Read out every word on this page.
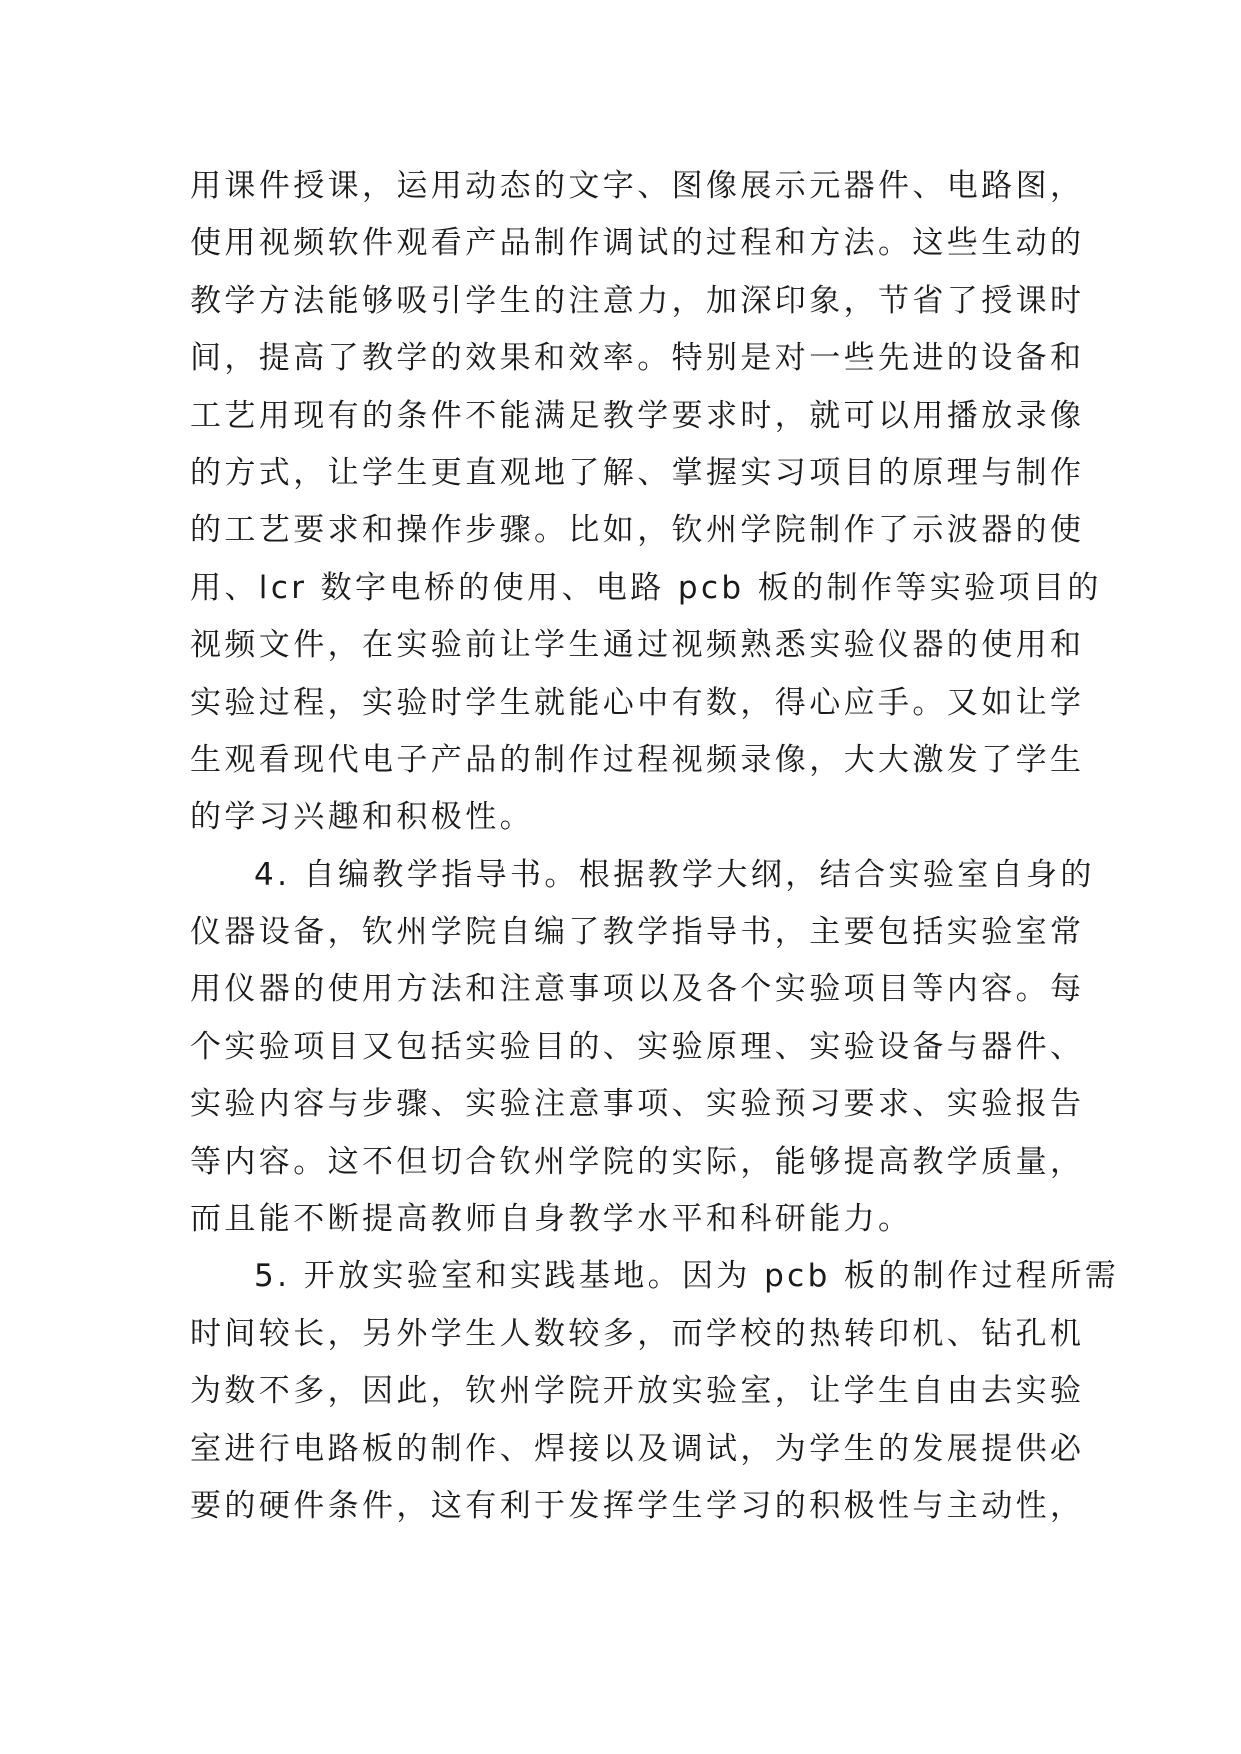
用课件授课，运用动态的文字、图像展示元器件、电路图，
使用视频软件观看产品制作调试的过程和方法。这些生动的
教学方法能够吸引学生的注意力，加深印象，节省了授课时
间，提高了教学的效果和效率。特别是对一些先进的设备和
工艺用现有的条件不能满足教学要求时，就可以用播放录像
的方式，让学生更直观地了解、掌握实习项目的原理与制作
的工艺要求和操作步骤。比如，钦州学院制作了示波器的使
用、lcr 数字电桥的使用、电路 pcb 板的制作等实验项目的
视频文件，在实验前让学生通过视频熟悉实验仪器的使用和
实验过程，实验时学生就能心中有数，得心应手。又如让学
生观看现代电子产品的制作过程视频录像，大大激发了学生
的学习兴趣和积极性。
4. 自编教学指导书。根据教学大纲，结合实验室自身的
仪器设备，钦州学院自编了教学指导书，主要包括实验室常
用仪器的使用方法和注意事项以及各个实验项目等内容。每
个实验项目又包括实验目的、实验原理、实验设备与器件、
实验内容与步骤、实验注意事项、实验预习要求、实验报告
等内容。这不但切合钦州学院的实际，能够提高教学质量，
而且能不断提高教师自身教学水平和科研能力。
5. 开放实验室和实践基地。因为 pcb 板的制作过程所需
时间较长，另外学生人数较多，而学校的热转印机、钻孔机
为数不多，因此，钦州学院开放实验室，让学生自由去实验
室进行电路板的制作、焊接以及调试，为学生的发展提供必
要的硬件条件，这有利于发挥学生学习的积极性与主动性，
